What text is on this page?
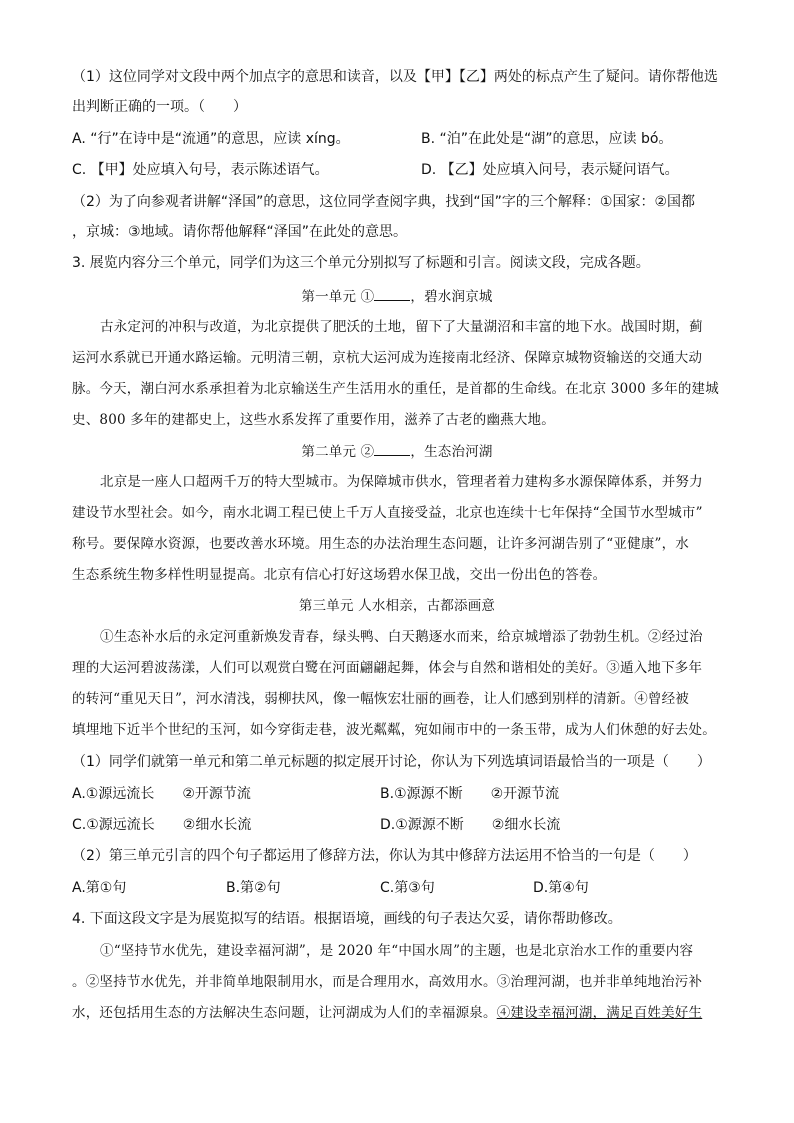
（1）这位同学对文段中两个加点字的意思和读音，以及【甲】【乙】两处的标点产生了疑问。请你帮他选
出判断正确的一项。（　　）
A. “行”在诗中是“流通”的意思，应读 xíng。	B. “泊”在此处是“湖”的意思，应读 bó。
C. 【甲】处应填入句号，表示陈述语气。	D. 【乙】处应填入问号，表示疑问语气。
（2）为了向参观者讲解“泽国”的意思，这位同学查阅字典，找到“国”字的三个解释：①国家：②国都
，京城：③地域。请你帮他解释“泽国”在此处的意思。
3. 展览内容分三个单元，同学们为这三个单元分别拟写了标题和引言。阅读文段，完成各题。
第一单元 ①	，碧水润京城
古永定河的冲积与改道，为北京提供了肥沃的土地，留下了大量湖沼和丰富的地下水。战国时期，蓟
运河水系就已开通水路运输。元明清三朝，京杭大运河成为连接南北经济、保障京城物资输送的交通大动
脉。今天，潮白河水系承担着为北京输送生产生活用水的重任，是首都的生命线。在北京 3000 多年的建城
史、800 多年的建都史上，这些水系发挥了重要作用，滋养了古老的幽燕大地。
第二单元 ②	，生态治河湖
北京是一座人口超两千万的特大型城市。为保障城市供水，管理者着力建构多水源保障体系，并努力
建设节水型社会。如今，南水北调工程已使上千万人直接受益，北京也连续十七年保持“全国节水型城市”
称号。要保障水资源，也要改善水环境。用生态的办法治理生态问题，让许多河湖告别了“亚健康”，水
生态系统生物多样性明显提高。北京有信心打好这场碧水保卫战，交出一份出色的答卷。
第三单元 人水相亲，古都添画意
①生态补水后的永定河重新焕发青春，绿头鸭、白天鹅逐水而来，给京城增添了勃勃生机。②经过治
理的大运河碧波荡漾，人们可以观赏白鹭在河面翩翩起舞，体会与自然和谐相处的美好。③遁入地下多年
的转河“重见天日”，河水清浅，弱柳扶风，像一幅恢宏壮丽的画卷，让人们感到别样的清新。④曾经被
填埋地下近半个世纪的玉河，如今穿街走巷，波光粼粼，宛如闹市中的一条玉带，成为人们休憩的好去处。
（1）同学们就第一单元和第二单元标题的拟定展开讨论，你认为下列选填词语最恰当的一项是（　　）
A.①源远流长　　②开源节流	B.①源源不断　　②开源节流
C.①源远流长　　②细水长流	D.①源源不断　　②细水长流
（2）第三单元引言的四个句子都运用了修辞方法，你认为其中修辞方法运用不恰当的一句是（　　）
A.第①句	B.第②句	C.第③句	D.第④句
4. 下面这段文字是为展览拟写的结语。根据语境，画线的句子表达欠妥，请你帮助修改。
①“坚持节水优先，建设幸福河湖”，是 2020 年“中国水周”的主题，也是北京治水工作的重要内容
。②坚持节水优先，并非简单地限制用水，而是合理用水，高效用水。③治理河湖，也并非单纯地治污补
水，还包括用生态的方法解决生态问题，让河湖成为人们的幸福源泉。④建设幸福河湖，满足百姓美好生
